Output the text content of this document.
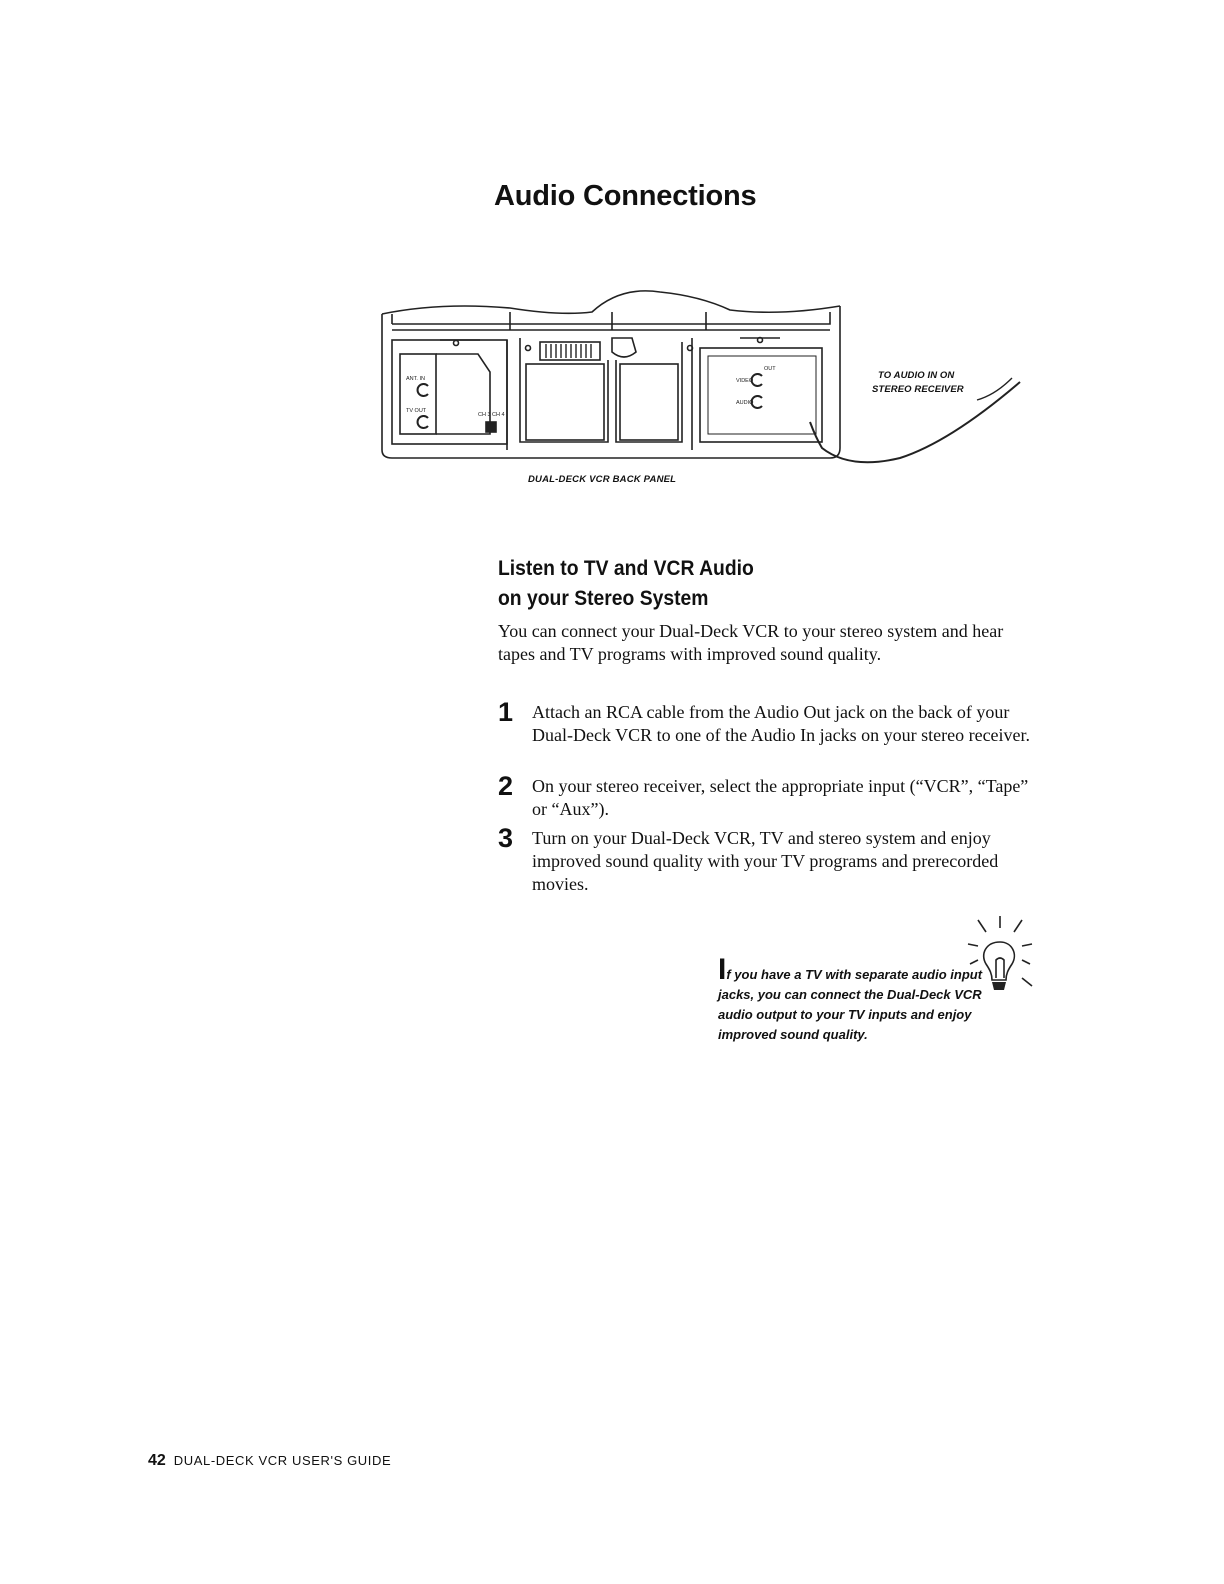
Audio Connections
ANT. IN
TV OUT
CH 3 CH 4
OUT
VIDEO
AUDIO
TO AUDIO IN ON
STEREO RECEIVER
DUAL-DECK VCR BACK PANEL
Listen to TV and VCR Audio
on your Stereo System
You can connect your Dual-Deck VCR to your stereo system and hear tapes and TV programs with improved sound quality.
1	Attach an RCA cable from the Audio Out jack on the back of your Dual-Deck VCR to one of the Audio In jacks on your stereo receiver.
2	On your stereo receiver, select the appropriate input (“VCR”, “Tape” or “Aux”).
3	Turn on your Dual-Deck VCR, TV and stereo system and enjoy improved sound quality with your TV programs and prerecorded movies.
If you have a TV with separate audio input jacks, you can connect the Dual-Deck VCR audio output to your TV inputs and enjoy improved sound quality.
42 DUAL-DECK VCR USER'S GUIDE
